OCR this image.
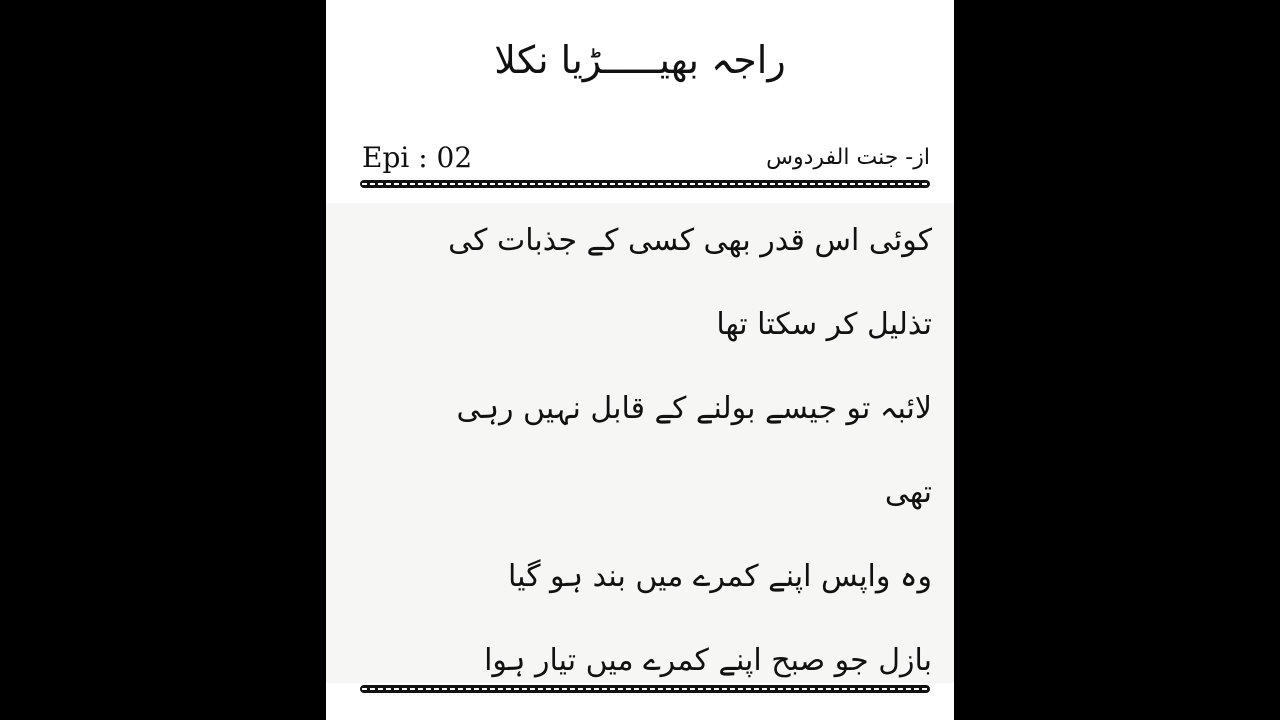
راجہ بھیـــــڑیا نکلا
Epi : 02	از- جنت الفردوس
کوئی اس قدر بھی کسی کے جذبات کی
تذلیل کر سکتا تھا
لائبہ تو جیسے بولنے کے قابل نہیں رہی
تھی
وہ واپس اپنے کمرے میں بند ہو گیا
بازل جو صبح اپنے کمرے میں تیار ہوا
